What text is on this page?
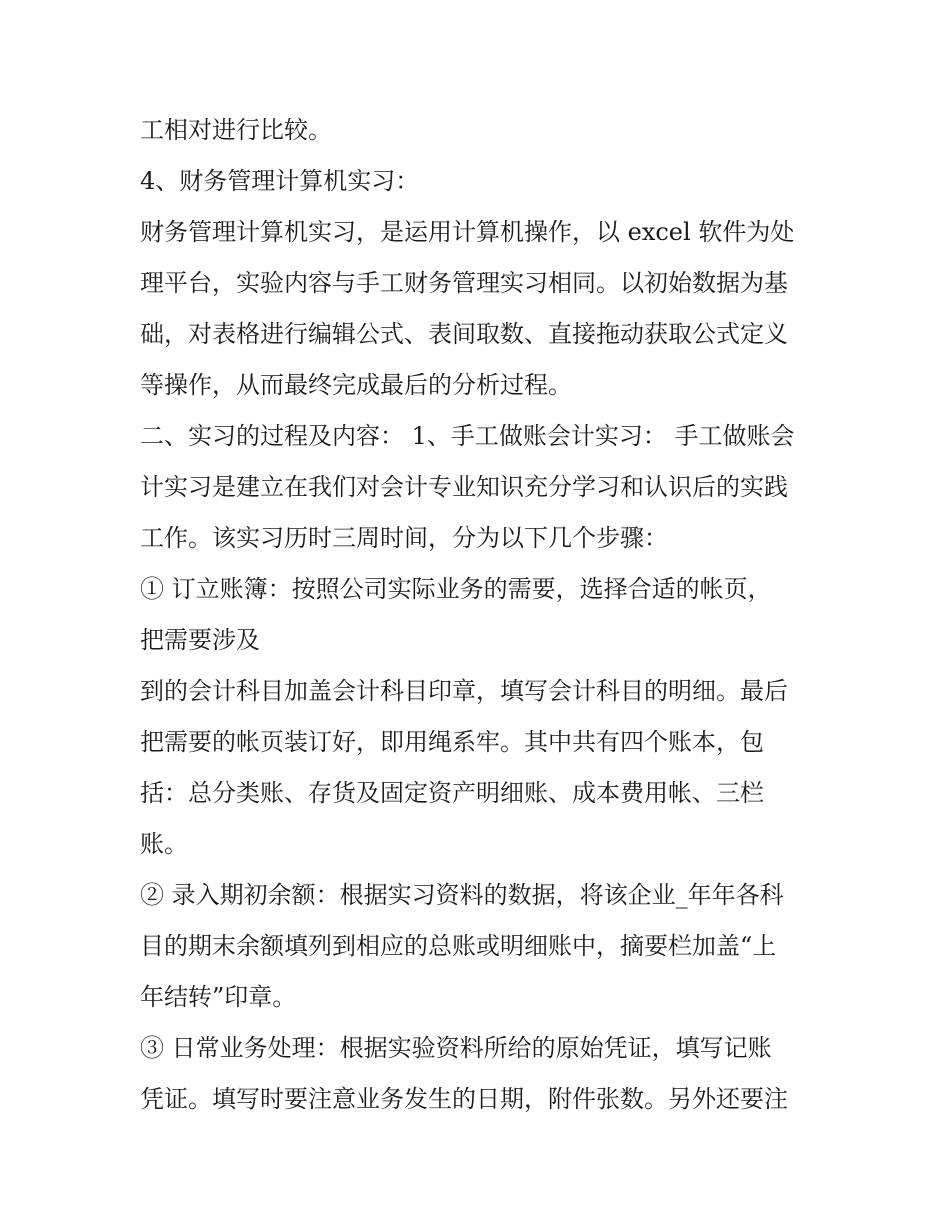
工相对进行比较。
4、财务管理计算机实习：
财务管理计算机实习，是运用计算机操作，以 excel 软件为处
理平台，实验内容与手工财务管理实习相同。以初始数据为基
础，对表格进行编辑公式、表间取数、直接拖动获取公式定义
等操作，从而最终完成最后的分析过程。
二、实习的过程及内容： 1、手工做账会计实习： 手工做账会
计实习是建立在我们对会计专业知识充分学习和认识后的实践
工作。该实习历时三周时间，分为以下几个步骤：
① 订立账簿：按照公司实际业务的需要，选择合适的帐页，
把需要涉及
到的会计科目加盖会计科目印章，填写会计科目的明细。最后
把需要的帐页装订好，即用绳系牢。其中共有四个账本，包
括：总分类账、存货及固定资产明细账、成本费用帐、三栏
账。
② 录入期初余额：根据实习资料的数据，将该企业_年年各科
目的期末余额填列到相应的总账或明细账中，摘要栏加盖“上
年结转”印章。
③ 日常业务处理：根据实验资料所给的原始凭证，填写记账
凭证。填写时要注意业务发生的日期，附件张数。另外还要注
